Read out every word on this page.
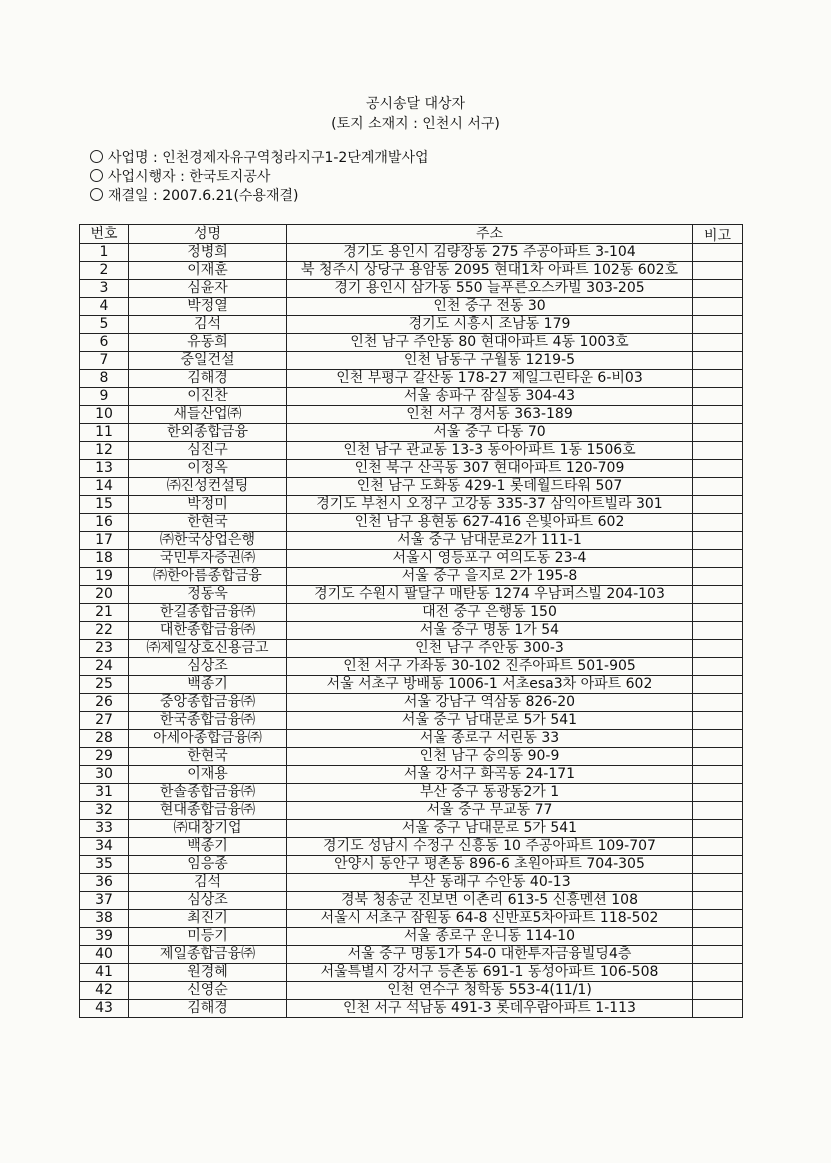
공시송달 대상자
(토지 소재지 : 인천시 서구)
사업명 : 인천경제자유구역청라지구1-2단계개발사업
사업시행자 : 한국토지공사
재결일 : 2007.6.21(수용재결)
번호	성명	주소	비고
1	정병희	경기도 용인시 김량장동 275 주공아파트 3-104	
2	이재훈	북 청주시 상당구 용암동 2095 현대1차 아파트 102동 602호	
3	심윤자	경기 용인시 삼가동 550 늘푸른오스카빌 303-205	
4	박정열	인천 중구 전동 30	
5	김석	경기도 시흥시 조남동 179	
6	유동희	인천 남구 주안동 80 현대아파트 4동 1003호	
7	중일건설	인천 남동구 구월동 1219-5	
8	김해경	인천 부평구 갈산동 178-27 제일그린타운 6-비03	
9	이진찬	서울 송파구 잠실동 304-43	
10	새들산업㈜	인천 서구 경서동 363-189	
11	한외종합금융	서울 중구 다동 70	
12	심진구	인천 남구 관교동 13-3 동아아파트 1동 1506호	
13	이정옥	인천 북구 산곡동 307 현대아파트 120-709	
14	㈜진성컨설팅	인천 남구 도화동 429-1 롯데월드타워 507	
15	박정미	경기도 부천시 오정구 고강동 335-37 삼익아트빌라 301	
16	한현국	인천 남구 용현동 627-416 은빛아파트 602	
17	㈜한국상업은행	서울 중구 남대문로2가 111-1	
18	국민투자증권㈜	서울시 영등포구 여의도동 23-4	
19	㈜한아름종합금융	서울 중구 을지로 2가 195-8	
20	정동욱	경기도 수원시 팔달구 매탄동 1274 우남퍼스빌 204-103	
21	한길종합금융㈜	대전 중구 은행동 150	
22	대한종합금융㈜	서울 중구 명동 1가 54	
23	㈜제일상호신용금고	인천 남구 주안동 300-3	
24	심상조	인천 서구 가좌동 30-102 진주아파트 501-905	
25	백종기	서울 서초구 방배동 1006-1 서초esa3차 아파트 602	
26	중앙종합금융㈜	서울 강남구 역삼동 826-20	
27	한국종합금융㈜	서울 중구 남대문로 5가 541	
28	아세아종합금융㈜	서울 종로구 서린동 33	
29	한현국	인천 남구 숭의동 90-9	
30	이재용	서울 강서구 화곡동 24-171	
31	한솔종합금융㈜	부산 중구 동광동2가 1	
32	현대종합금융㈜	서울 중구 무교동 77	
33	㈜대창기업	서울 중구 남대문로 5가 541	
34	백종기	경기도 성남시 수정구 신흥동 10 주공아파트 109-707	
35	임응종	안양시 동안구 평촌동 896-6 초원아파트 704-305	
36	김석	부산 동래구 수안동 40-13	
37	심상조	경북 청송군 진보면 이촌리 613-5 신흥멘션 108	
38	최진기	서울시 서초구 잠원동 64-8 신반포5차아파트 118-502	
39	미등기	서울 종로구 운니동 114-10	
40	제일종합금융㈜	서울 중구 명동1가 54-0 대한투자금융빌딩4층	
41	원경혜	서울특별시 강서구 등촌동 691-1 동성아파트 106-508	
42	신영순	인천 연수구 청학동 553-4(11/1)	
43	김해경	인천 서구 석남동 491-3 롯데우람아파트 1-113	
